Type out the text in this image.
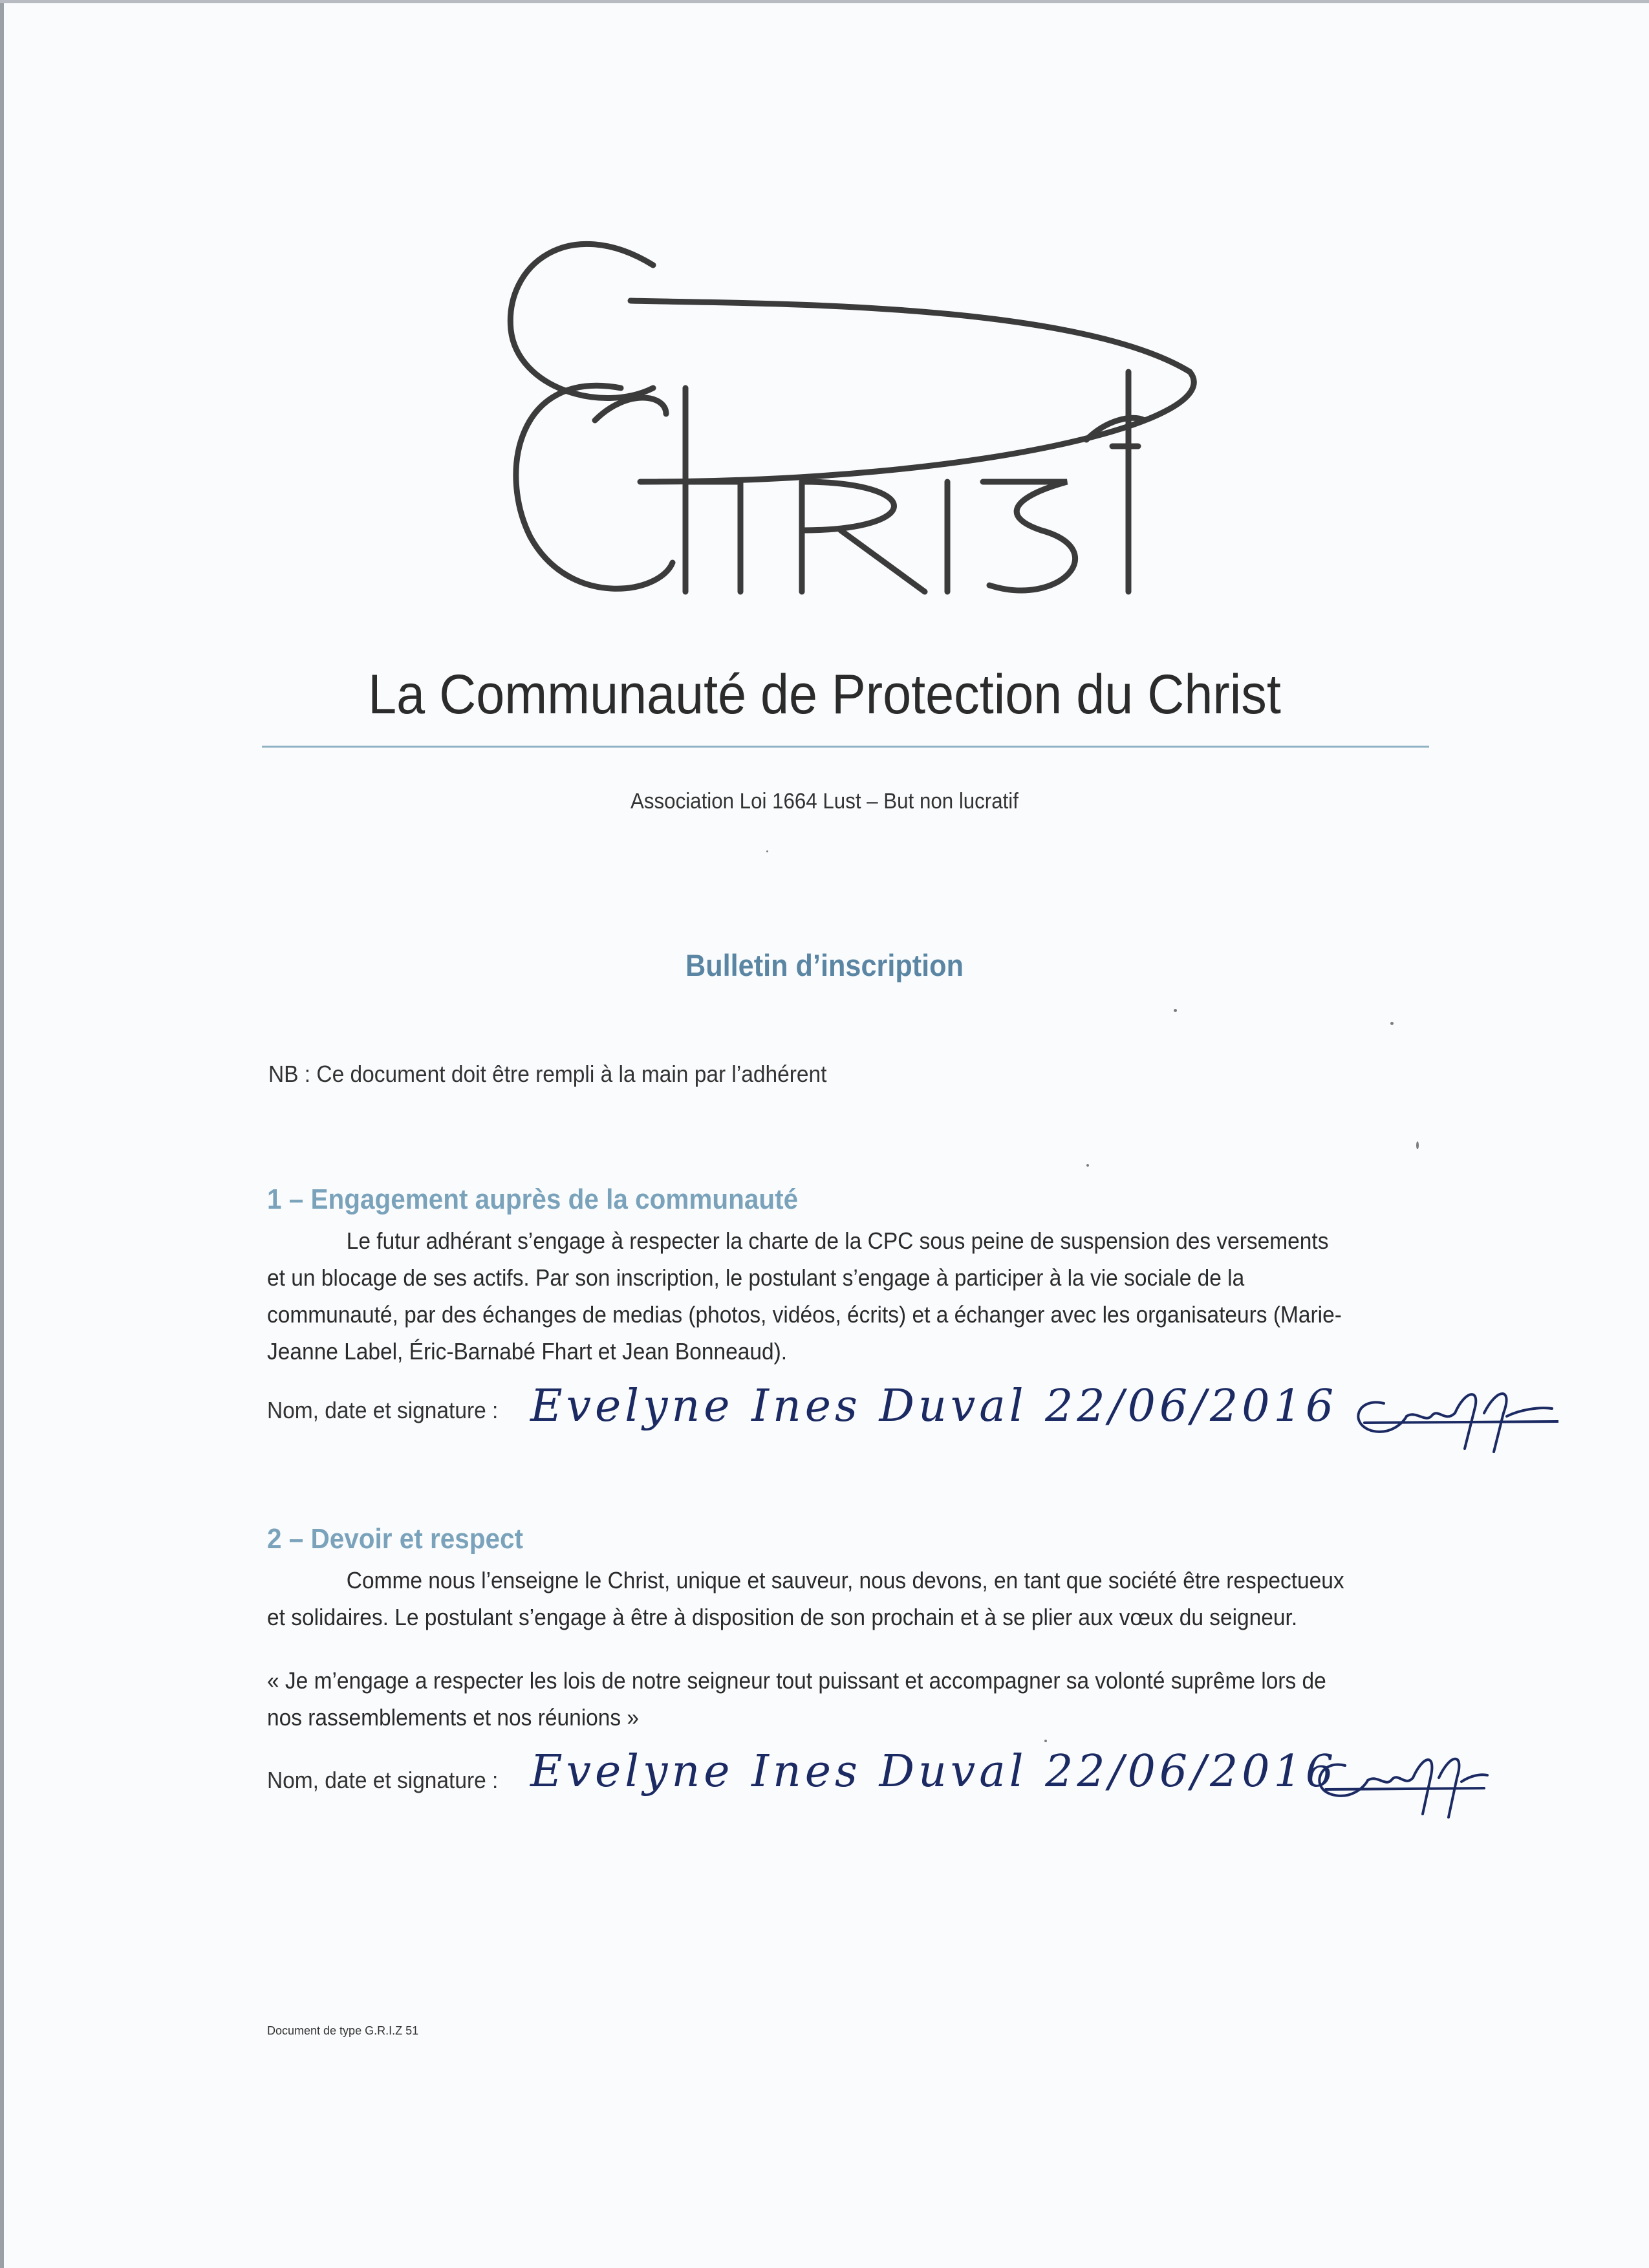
La Communauté de Protection du Christ
Association Loi 1664 Lust – But non lucratif
Bulletin d’inscription
NB : Ce document doit être rempli à la main par l’adhérent
1 – Engagement auprès de la communauté
Le futur adhérant s’engage à respecter la charte de la CPC sous peine de suspension des versements
et un blocage de ses actifs. Par son inscription, le postulant s’engage à participer à la vie sociale de la
communauté, par des échanges de medias (photos, vidéos, écrits) et a échanger avec les organisateurs (Marie-
Jeanne Label, Éric-Barnabé Fhart et Jean Bonneaud).
Nom, date et signature : Evelyne Ines Duval 22/06/2016
2 – Devoir et respect
Comme nous l’enseigne le Christ, unique et sauveur, nous devons, en tant que société être respectueux
et solidaires. Le postulant s’engage à être à disposition de son prochain et à se plier aux vœux du seigneur.
« Je m’engage a respecter les lois de notre seigneur tout puissant et accompagner sa volonté suprême lors de
nos rassemblements et nos réunions »
Nom, date et signature : Evelyne Ines Duval 22/06/2016
Document de type G.R.I.Z 51
